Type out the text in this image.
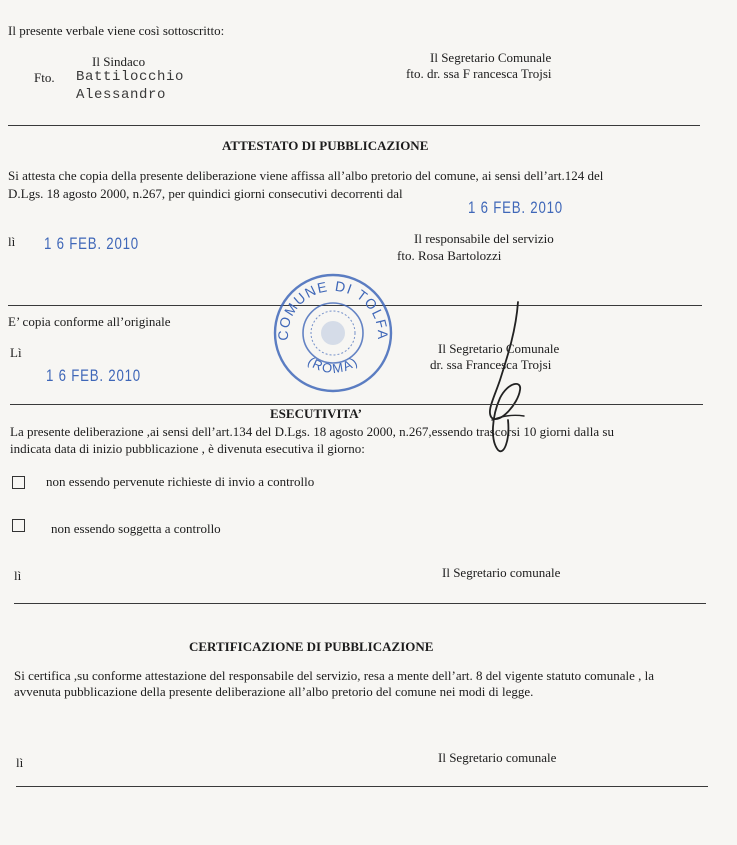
Il presente verbale viene così sottoscritto:
Il Sindaco
Fto. Battilocchio
Alessandro
Il Segretario Comunale
fto. dr. ssa F rancesca Trojsi
ATTESTATO DI PUBBLICAZIONE
Si attesta che copia della presente deliberazione viene affissa all’albo pretorio del comune, ai sensi dell’art.124 del
D.Lgs. 18 agosto 2000, n.267, per quindici giorni consecutivi decorrenti dal
1 6 FEB. 2010
lì 1 6 FEB. 2010	Il responsabile del servizio
fto. Rosa Bartolozzi
E’ copia conforme all’originale
Lì
1 6 FEB. 2010
Il Segretario Comunale
dr. ssa Francesca Trojsi
COMUNE DI TOLFA
(ROMA)
ESECUTIVITA’
La presente deliberazione ,ai sensi dell’art.134 del D.Lgs. 18 agosto 2000, n.267,essendo trascorsi 10 giorni dalla su
indicata data di inizio pubblicazione , è divenuta esecutiva il giorno:
non essendo pervenute richieste di invio a controllo
non essendo soggetta a controllo
lì	Il Segretario comunale
CERTIFICAZIONE DI PUBBLICAZIONE
Si certifica ,su conforme attestazione del responsabile del servizio, resa a mente dell’art. 8 del vigente statuto comunale , la
avvenuta pubblicazione della presente deliberazione all’albo pretorio del comune nei modi di legge.
lì	Il Segretario comunale
